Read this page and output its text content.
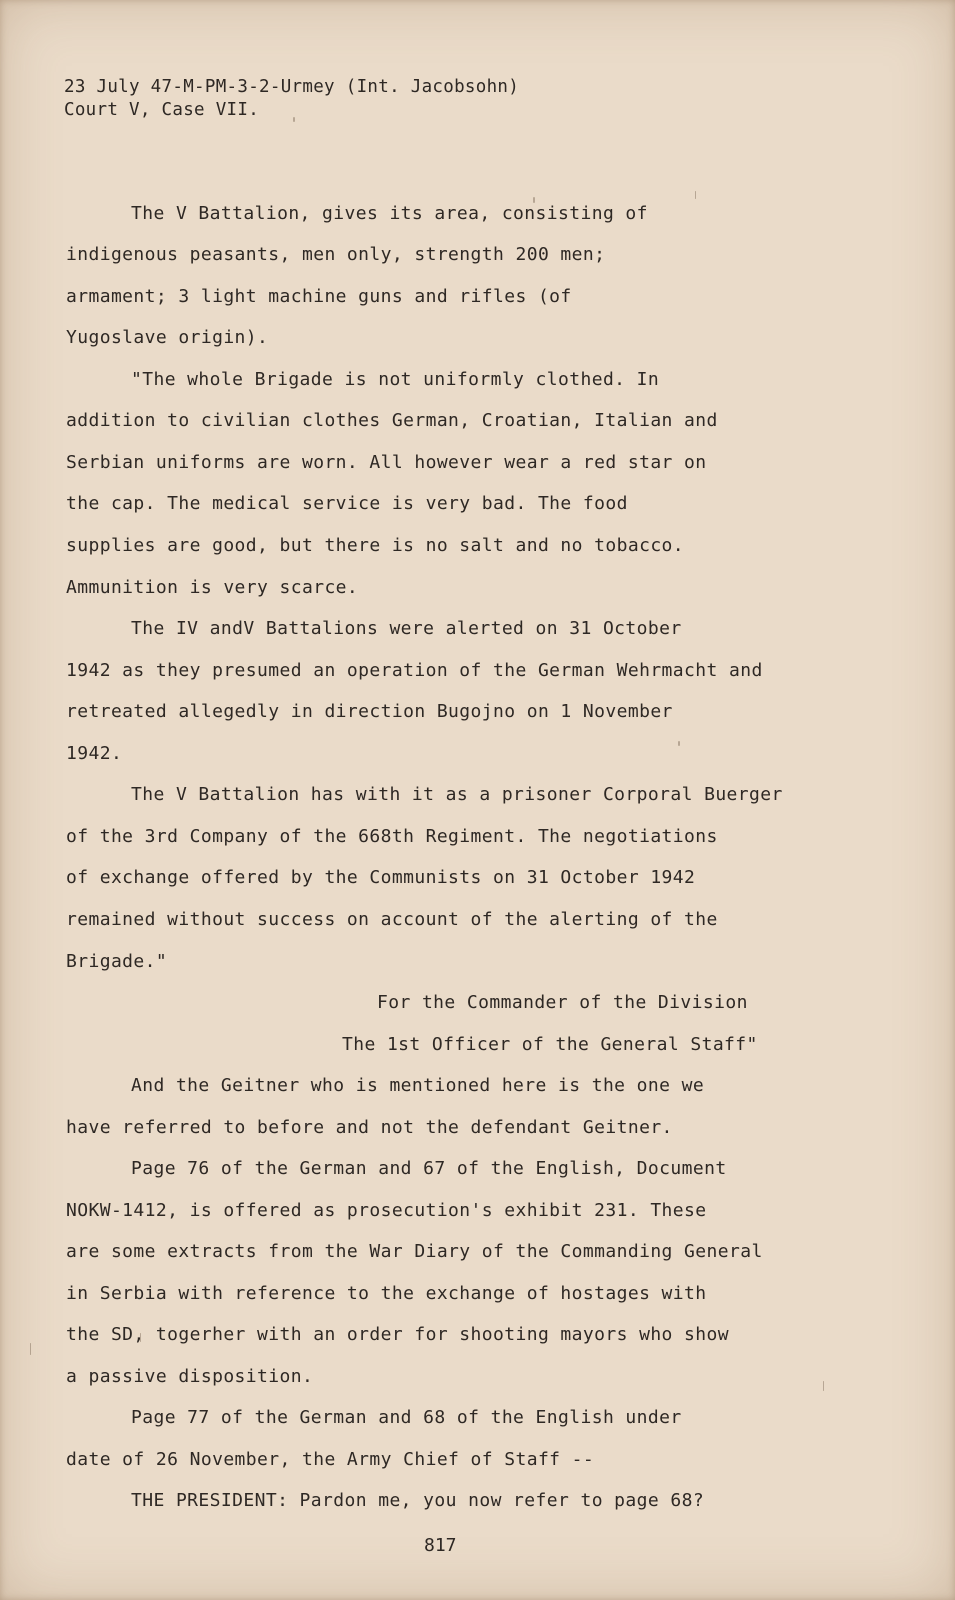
23 July 47-M-PM-3-2-Urmey (Int. Jacobsohn)
Court V, Case VII.
The V Battalion, gives its area, consisting of
indigenous peasants, men only, strength 200 men;
armament; 3 light machine guns and rifles (of
Yugoslave origin).
"The whole Brigade is not uniformly clothed. In
addition to civilian clothes German, Croatian, Italian and
Serbian uniforms are worn. All however wear a red star on
the cap. The medical service is very bad. The food
supplies are good, but there is no salt and no tobacco.
Ammunition is very scarce.
The IV andV Battalions were alerted on 31 October
1942 as they presumed an operation of the German Wehrmacht and
retreated allegedly in direction Bugojno on 1 November
1942.
The V Battalion has with it as a prisoner Corporal Buerger
of the 3rd Company of the 668th Regiment. The negotiations
of exchange offered by the Communists on 31 October 1942
remained without success on account of the alerting of the
Brigade."
For the Commander of the Division
The 1st Officer of the General Staff"
And the Geitner who is mentioned here is the one we
have referred to before and not the defendant Geitner.
Page 76 of the German and 67 of the English, Document
NOKW-1412, is offered as prosecution's exhibit 231. These
are some extracts from the War Diary of the Commanding General
in Serbia with reference to the exchange of hostages with
the SD, togerher with an order for shooting mayors who show
a passive disposition.
Page 77 of the German and 68 of the English under
date of 26 November, the Army Chief of Staff --
THE PRESIDENT: Pardon me, you now refer to page 68?
817
